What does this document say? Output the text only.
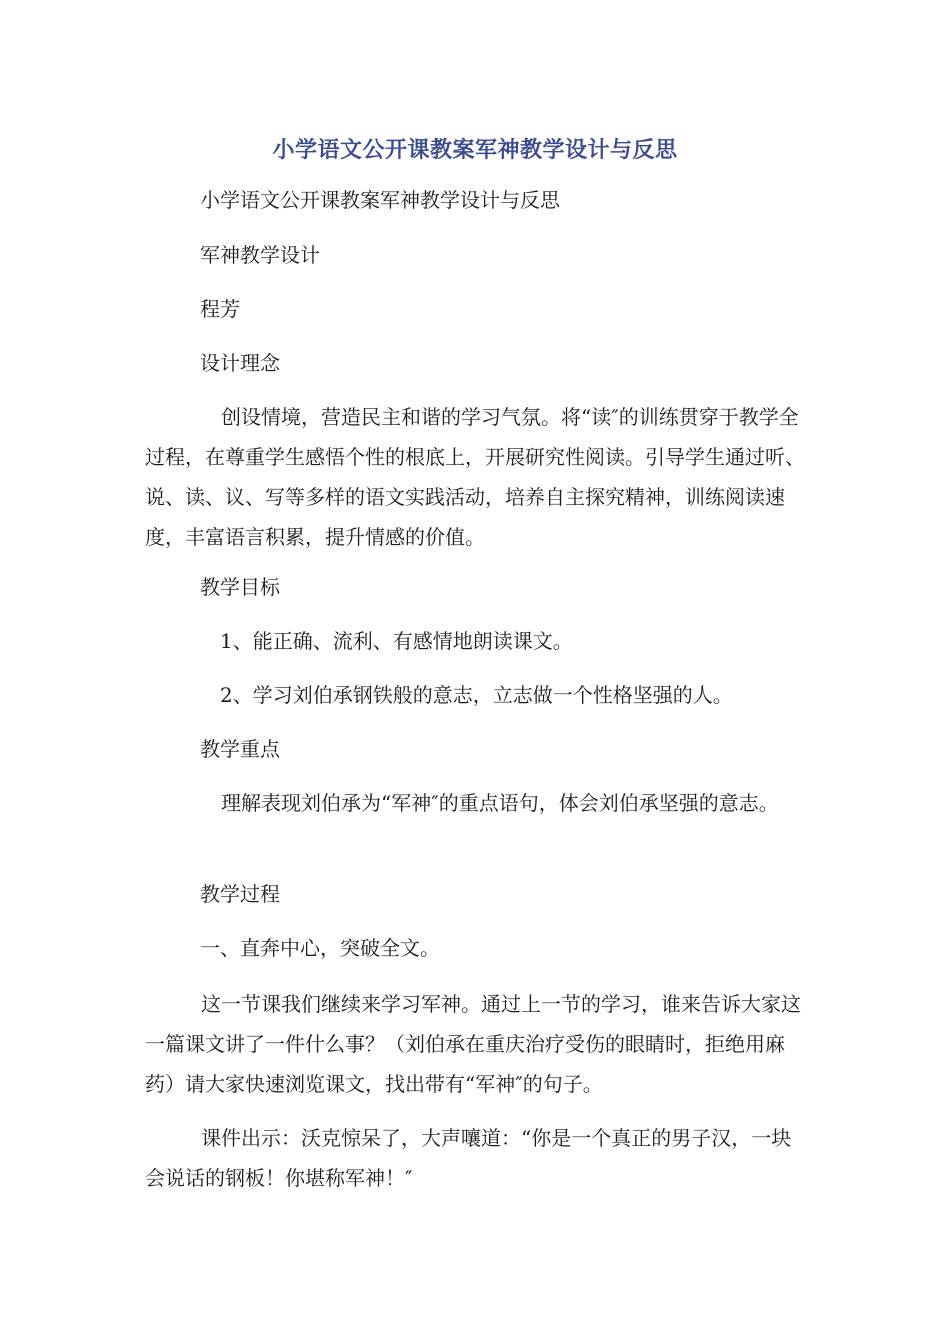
小学语文公开课教案军神教学设计与反思
小学语文公开课教案军神教学设计与反思
军神教学设计
程芳
设计理念

创设情境，营造民主和谐的学习气氛。将“读″的训练贯穿于教学全过程，在尊重学生感悟个性的根底上，开展研究性阅读。引导学生通过听、说、读、议、写等多样的语文实践活动，培养自主探究精神，训练阅读速度，丰富语言积累，提升情感的价值。

教学目标
1、能正确、流利、有感情地朗读课文。
2、学习刘伯承钢铁般的意志，立志做一个性格坚强的人。
教学重点

理解表现刘伯承为“军神″的重点语句，体会刘伯承坚强的意志。

教学过程
一、直奔中心，突破全文。

这一节课我们继续来学习军神。通过上一节的学习，谁来告诉大家这一篇课文讲了一件什么事？（刘伯承在重庆治疗受伤的眼睛时，拒绝用麻药）请大家快速浏览课文，找出带有“军神″的句子。

课件出示：沃克惊呆了，大声嚷道：“你是一个真正的男子汉，一块会说话的钢板！你堪称军神！″
